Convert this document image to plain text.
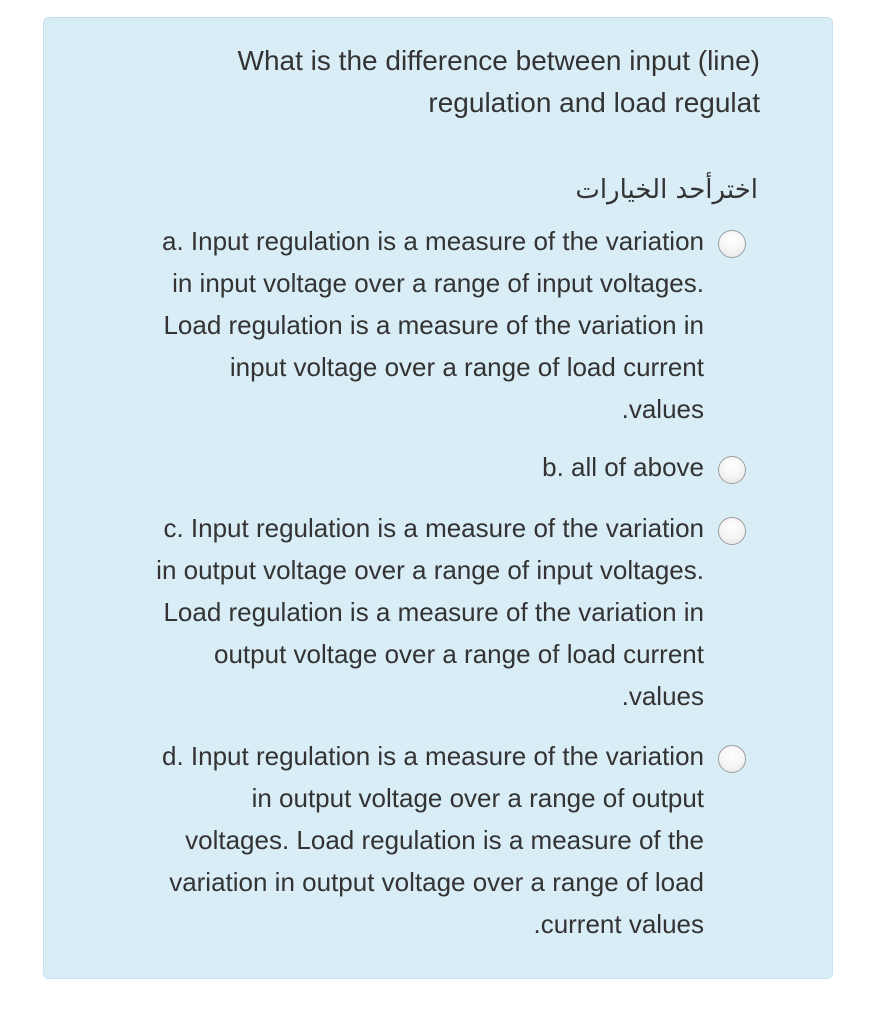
What is the difference between input (line)
regulation and load regulat
اخترأحد الخيارات
a. Input regulation is a measure of the variation
in input voltage over a range of input voltages.
Load regulation is a measure of the variation in
input voltage over a range of load current
.values
b. all of above
c. Input regulation is a measure of the variation
in output voltage over a range of input voltages.
Load regulation is a measure of the variation in
output voltage over a range of load current
.values
d. Input regulation is a measure of the variation
in output voltage over a range of output
voltages. Load regulation is a measure of the
variation in output voltage over a range of load
.current values
